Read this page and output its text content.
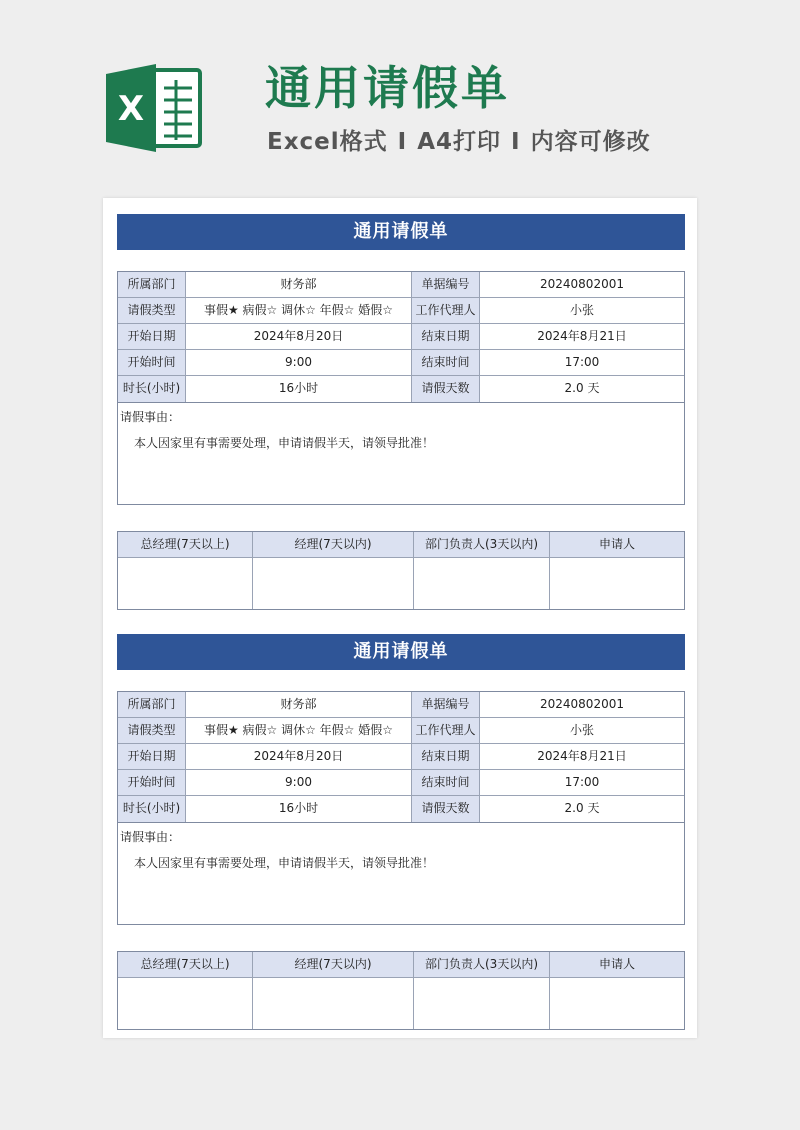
X	通用请假单
Excel格式 I A4打印 I 内容可修改
通用请假单
所属部门	财务部	单据编号	20240802001
请假类型	事假★ 病假☆ 调休☆ 年假☆ 婚假☆	工作代理人	小张
开始日期	2024年8月20日	结束日期	2024年8月21日
开始时间	9:00	结束时间	17:00
时长(小时)	16小时	请假天数	2.0 天
请假事由：
本人因家里有事需要处理，申请请假半天，请领导批准！
总经理(7天以上)	经理(7天以内)	部门负责人(3天以内)	申请人
通用请假单
所属部门	财务部	单据编号	20240802001
请假类型	事假★ 病假☆ 调休☆ 年假☆ 婚假☆	工作代理人	小张
开始日期	2024年8月20日	结束日期	2024年8月21日
开始时间	9:00	结束时间	17:00
时长(小时)	16小时	请假天数	2.0 天
请假事由：
本人因家里有事需要处理，申请请假半天，请领导批准！
总经理(7天以上)	经理(7天以内)	部门负责人(3天以内)	申请人
